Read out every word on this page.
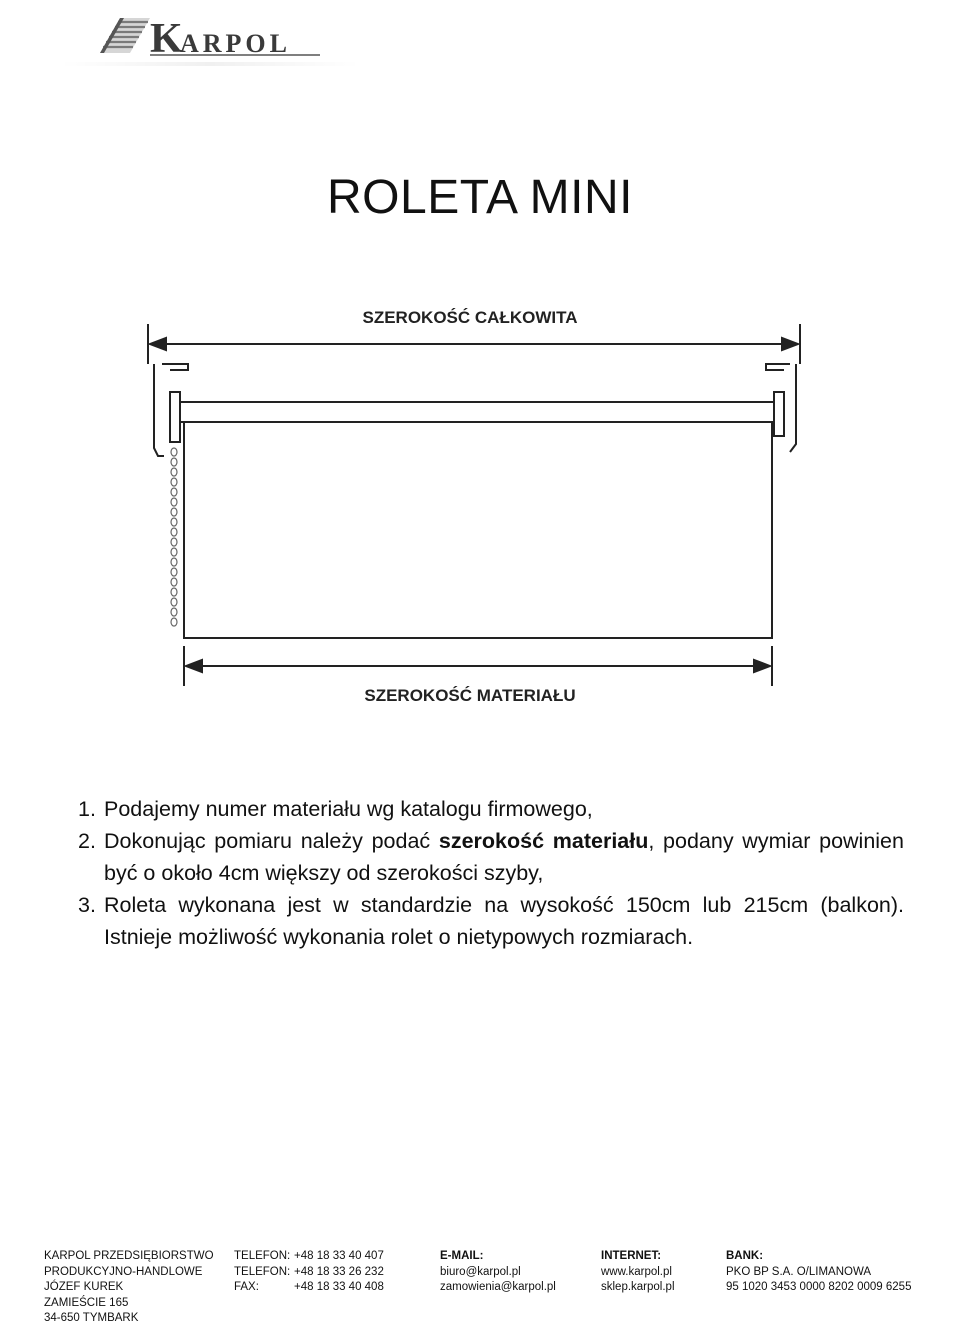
K
ARPOL
ROLETA MINI
SZEROKOŚĆ CAŁKOWITA
SZEROKOŚĆ MATERIAŁU
1. Podajemy numer materiału wg katalogu firmowego,
2. Dokonując pomiaru należy podać szerokość materiału, podany wymiar powinien być o około 4cm większy od szerokości szyby,
3. Roleta wykonana jest w standardzie na wysokość 150cm lub 215cm (balkon). Istnieje możliwość wykonania rolet o nietypowych rozmiarach.
KARPOL PRZEDSIĘBIORSTWO
PRODUKCYJNO-HANDLOWE
JÓZEF KUREK
ZAMIEŚCIE 165
34-650 TYMBARK
TELEFON: +48 18 33 40 407
TELEFON: +48 18 33 26 232
FAX:	+48 18 33 40 408
E-MAIL:
biuro@karpol.pl
zamowienia@karpol.pl
INTERNET:
www.karpol.pl
sklep.karpol.pl
BANK:
PKO BP S.A. O/LIMANOWA
95 1020 3453 0000 8202 0009 6255
